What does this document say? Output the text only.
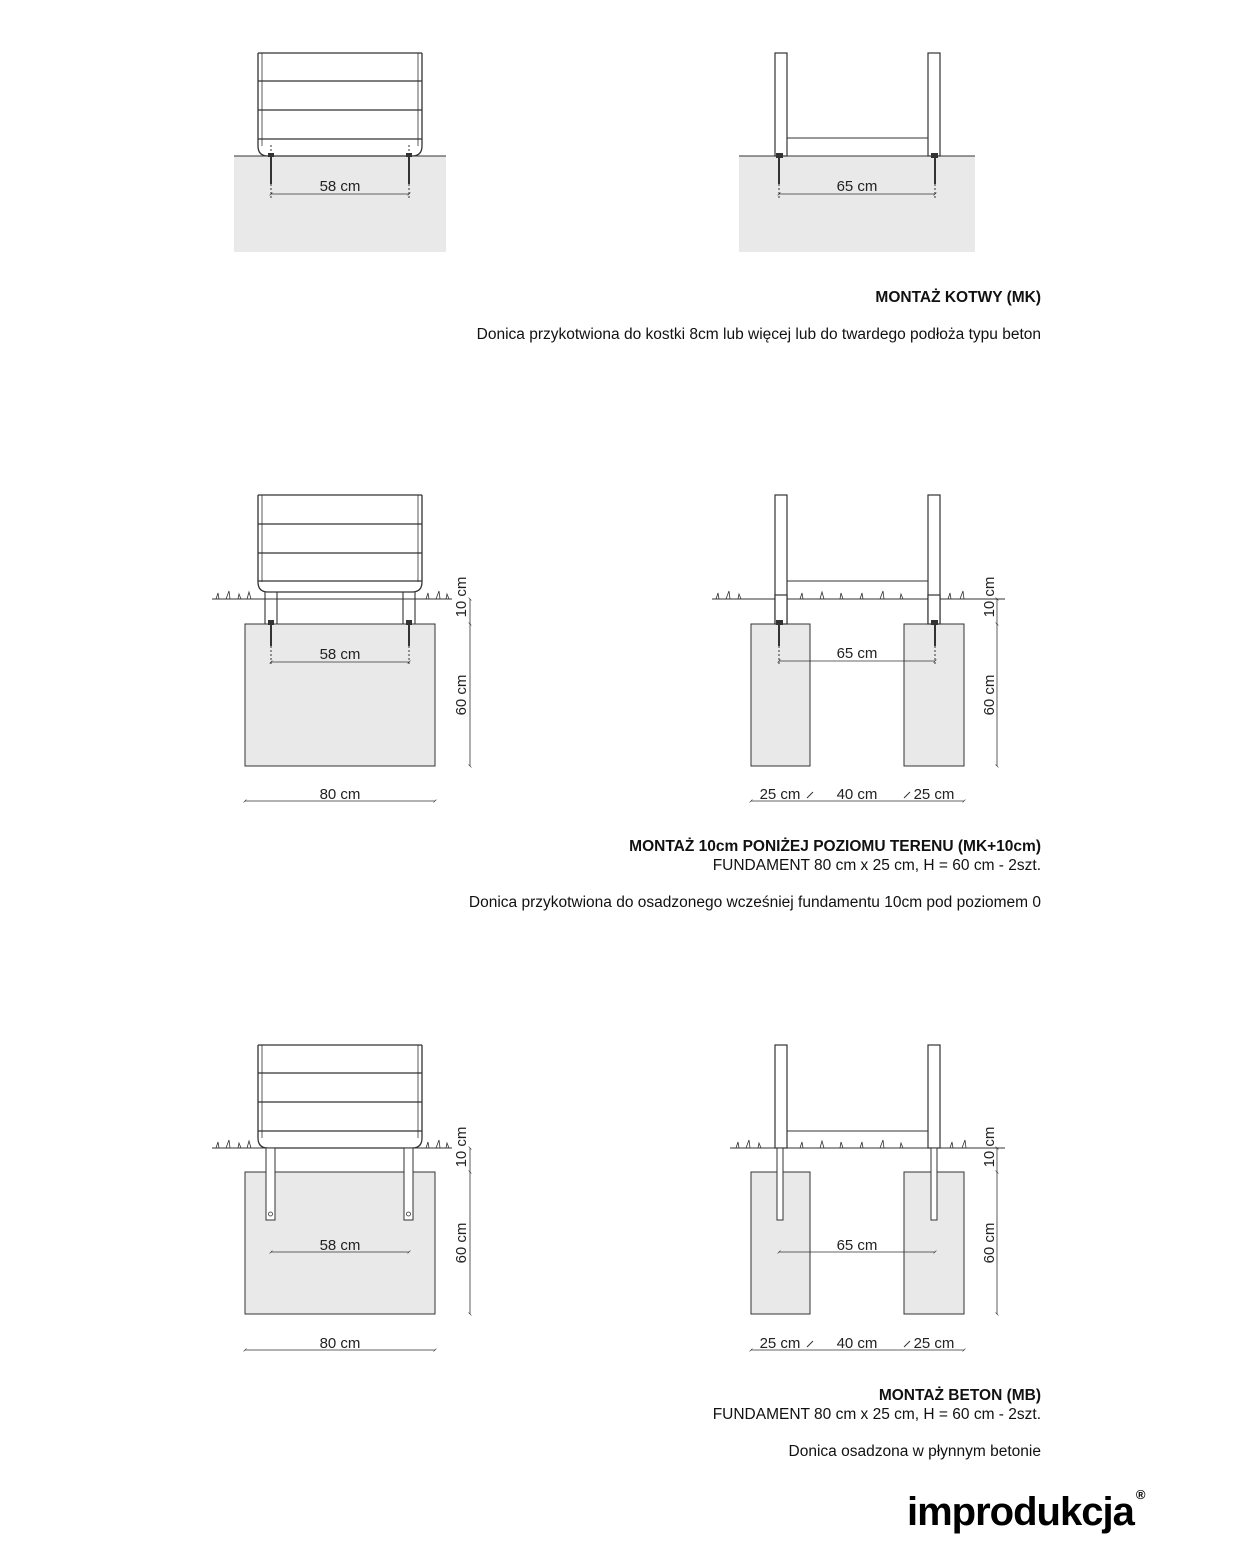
58 cm	65 cm
58 cm
10 cm
60 cm
80 cm
65 cm
10 cm
60 cm
25 cm 40 cm 25 cm
58 cm
10 cm
60 cm
80 cm
65 cm
10 cm
60 cm
25 cm 40 cm 25 cm
MONTAŻ KOTWY (MK)
Donica przykotwiona do kostki 8cm lub więcej lub do twardego podłoża typu beton
MONTAŻ 10cm PONIŻEJ POZIOMU TERENU (MK+10cm)
FUNDAMENT 80 cm x 25 cm, H = 60 cm - 2szt.
Donica przykotwiona do osadzonego wcześniej fundamentu 10cm pod poziomem 0
MONTAŻ BETON (MB)
FUNDAMENT 80 cm x 25 cm, H = 60 cm - 2szt.
Donica osadzona w płynnym betonie
improdukcja ®
